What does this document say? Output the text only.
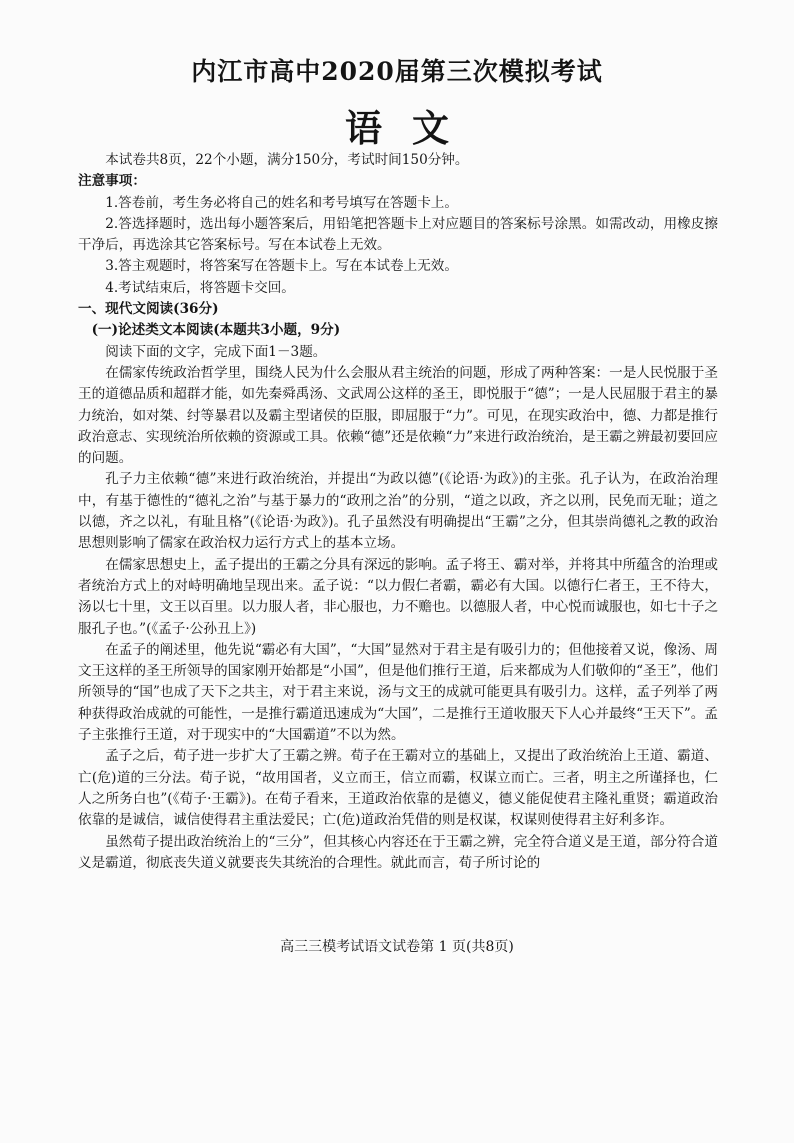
内江市高中2020届第三次模拟考试
语文

本试卷共8页，22个小题，满分150分，考试时间150分钟。

注意事项：

1.答卷前，考生务必将自己的姓名和考号填写在答题卡上。

2.答选择题时，选出每小题答案后，用铅笔把答题卡上对应题目的答案标号涂黑。如需改动，用橡皮擦干净后，再选涂其它答案标号。写在本试卷上无效。

3.答主观题时，将答案写在答题卡上。写在本试卷上无效。

4.考试结束后，将答题卡交回。

一、现代文阅读(36分)

(一)论述类文本阅读(本题共3小题，9分)

阅读下面的文字，完成下面1－3题。

在儒家传统政治哲学里，围绕人民为什么会服从君主统治的问题，形成了两种答案：一是人民悦服于圣王的道德品质和超群才能，如先秦舜禹汤、文武周公这样的圣王，即悦服于“德”；一是人民屈服于君主的暴力统治，如对桀、纣等暴君以及霸主型诸侯的臣服，即屈服于“力”。可见，在现实政治中，德、力都是推行政治意志、实现统治所依赖的资源或工具。依赖“德”还是依赖“力”来进行政治统治，是王霸之辨最初要回应的问题。

孔子力主依赖“德”来进行政治统治，并提出“为政以德”(《论语·为政》)的主张。孔子认为，在政治治理中，有基于德性的“德礼之治”与基于暴力的“政刑之治”的分别，“道之以政，齐之以刑，民免而无耻；道之以德，齐之以礼，有耻且格”(《论语·为政》)。孔子虽然没有明确提出“王霸”之分，但其崇尚德礼之教的政治思想则影响了儒家在政治权力运行方式上的基本立场。

在儒家思想史上，孟子提出的王霸之分具有深远的影响。孟子将王、霸对举，并将其中所蕴含的治理或者统治方式上的对峙明确地呈现出来。孟子说：“以力假仁者霸，霸必有大国。以德行仁者王，王不待大，汤以七十里，文王以百里。以力服人者，非心服也，力不赡也。以德服人者，中心悦而诚服也，如七十子之服孔子也。”(《孟子·公孙丑上》)

在孟子的阐述里，他先说“霸必有大国”，“大国”显然对于君主是有吸引力的；但他接着又说，像汤、周文王这样的圣王所领导的国家刚开始都是“小国”，但是他们推行王道，后来都成为人们敬仰的“圣王”，他们所领导的“国”也成了天下之共主，对于君主来说，汤与文王的成就可能更具有吸引力。这样，孟子列举了两种获得政治成就的可能性，一是推行霸道迅速成为“大国”，二是推行王道收服天下人心并最终“王天下”。孟子主张推行王道，对于现实中的“大国霸道”不以为然。

孟子之后，荀子进一步扩大了王霸之辨。荀子在王霸对立的基础上，又提出了政治统治上王道、霸道、亡(危)道的三分法。荀子说，“故用国者，义立而王，信立而霸，权谋立而亡。三者，明主之所谨择也，仁人之所务白也”(《荀子·王霸》)。在荀子看来，王道政治依靠的是德义，德义能促使君主隆礼重贤；霸道政治依靠的是诚信，诚信使得君主重法爱民；亡(危)道政治凭借的则是权谋，权谋则使得君主好利多诈。

虽然荀子提出政治统治上的“三分”，但其核心内容还在于王霸之辨，完全符合道义是王道，部分符合道义是霸道，彻底丧失道义就要丧失其统治的合理性。就此而言，荀子所讨论的

高三三模考试语文试卷第 1 页(共8页)
